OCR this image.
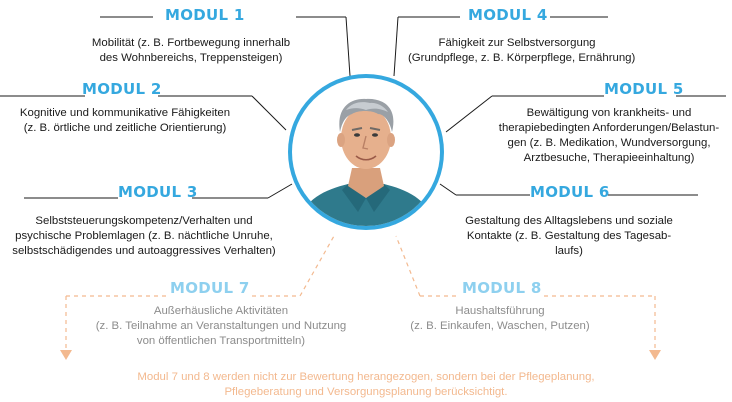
MODUL 1
Mobilität (z. B. Fortbewegung innerhalb
des Wohnbereichs, Treppensteigen)
MODUL 2
Kognitive und kommunikative Fähigkeiten
(z. B. örtliche und zeitliche Orientierung)
MODUL 3
Selbststeuerungskompetenz/Verhalten und
psychische Problemlagen (z. B. nächtliche Unruhe,
selbstschädigendes und autoaggressives Verhalten)
MODUL 4
Fähigkeit zur Selbstversorgung
(Grundpflege, z. B. Körperpflege, Ernährung)
MODUL 5
Bewältigung von krankheits- und
therapiebedingten Anforderungen/Belastun-
gen (z. B. Medikation, Wundversorgung,
Arztbesuche, Therapieeinhaltung)
MODUL 6
Gestaltung des Alltagslebens und soziale
Kontakte (z. B. Gestaltung des Tagesab-
laufs)
MODUL 7
Außerhäusliche Aktivitäten
(z. B. Teilnahme an Veranstaltungen und Nutzung
von öffentlichen Transportmitteln)
MODUL 8
Haushaltsführung
(z. B. Einkaufen, Waschen, Putzen)
Modul 7 und 8 werden nicht zur Bewertung herangezogen, sondern bei der Pflegeplanung,
Pflegeberatung und Versorgungsplanung berücksichtigt.
